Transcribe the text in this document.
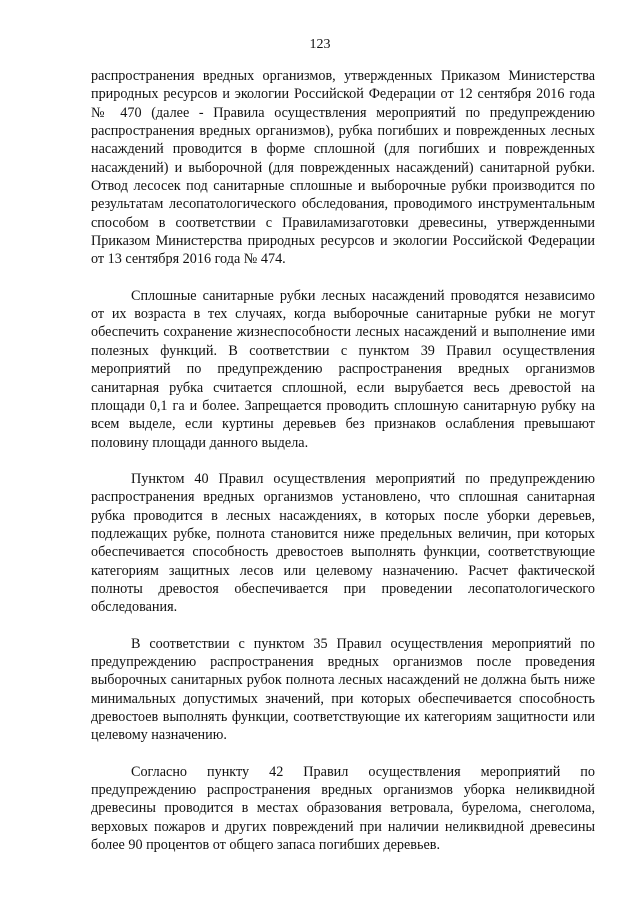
123

распространения вредных организмов, утвержденных Приказом Министерства природных ресурсов и экологии Российской Федерации от 12 сентября 2016 года № 470 (далее - Правила осуществления мероприятий по предупреждению распространения вредных организмов), рубка погибших и поврежденных лесных насаждений проводится в форме сплошной (для погибших и поврежденных насаждений) и выборочной (для поврежденных насаждений) санитарной рубки. Отвод лесосек под санитарные сплошные и выборочные рубки производится по результатам лесопатологического обследования, проводимого инструментальным способом в соответствии с Правиламизаготовки древесины, утвержденными Приказом Министерства природных ресурсов и экологии Российской Федерации от 13 сентября 2016 года № 474.

Сплошные санитарные рубки лесных насаждений проводятся независимо от их возраста в тех случаях, когда выборочные санитарные рубки не могут обеспечить сохранение жизнеспособности лесных насаждений и выполнение ими полезных функций. В соответствии с пунктом 39 Правил осуществления мероприятий по предупреждению распространения вредных организмов санитарная рубка считается сплошной, если вырубается весь древостой на площади 0,1 га и более. Запрещается проводить сплошную санитарную рубку на всем выделе, если куртины деревьев без признаков ослабления превышают половину площади данного выдела.

Пунктом 40 Правил осуществления мероприятий по предупреждению распространения вредных организмов установлено, что сплошная санитарная рубка проводится в лесных насаждениях, в которых после уборки деревьев, подлежащих рубке, полнота становится ниже предельных величин, при которых обеспечивается способность древостоев выполнять функции, соответствующие категориям защитных лесов или целевому назначению. Расчет фактической полноты древостоя обеспечивается при проведении лесопатологического обследования.

В соответствии с пунктом 35 Правил осуществления мероприятий по предупреждению распространения вредных организмов после проведения выборочных санитарных рубок полнота лесных насаждений не должна быть ниже минимальных допустимых значений, при которых обеспечивается способность древостоев выполнять функции, соответствующие их категориям защитности или целевому назначению.

Согласно пункту 42 Правил осуществления мероприятий по предупреждению распространения вредных организмов уборка неликвидной древесины проводится в местах образования ветровала, бурелома, снеголома, верховых пожаров и других повреждений при наличии неликвидной древесины более 90 процентов от общего запаса погибших деревьев.
